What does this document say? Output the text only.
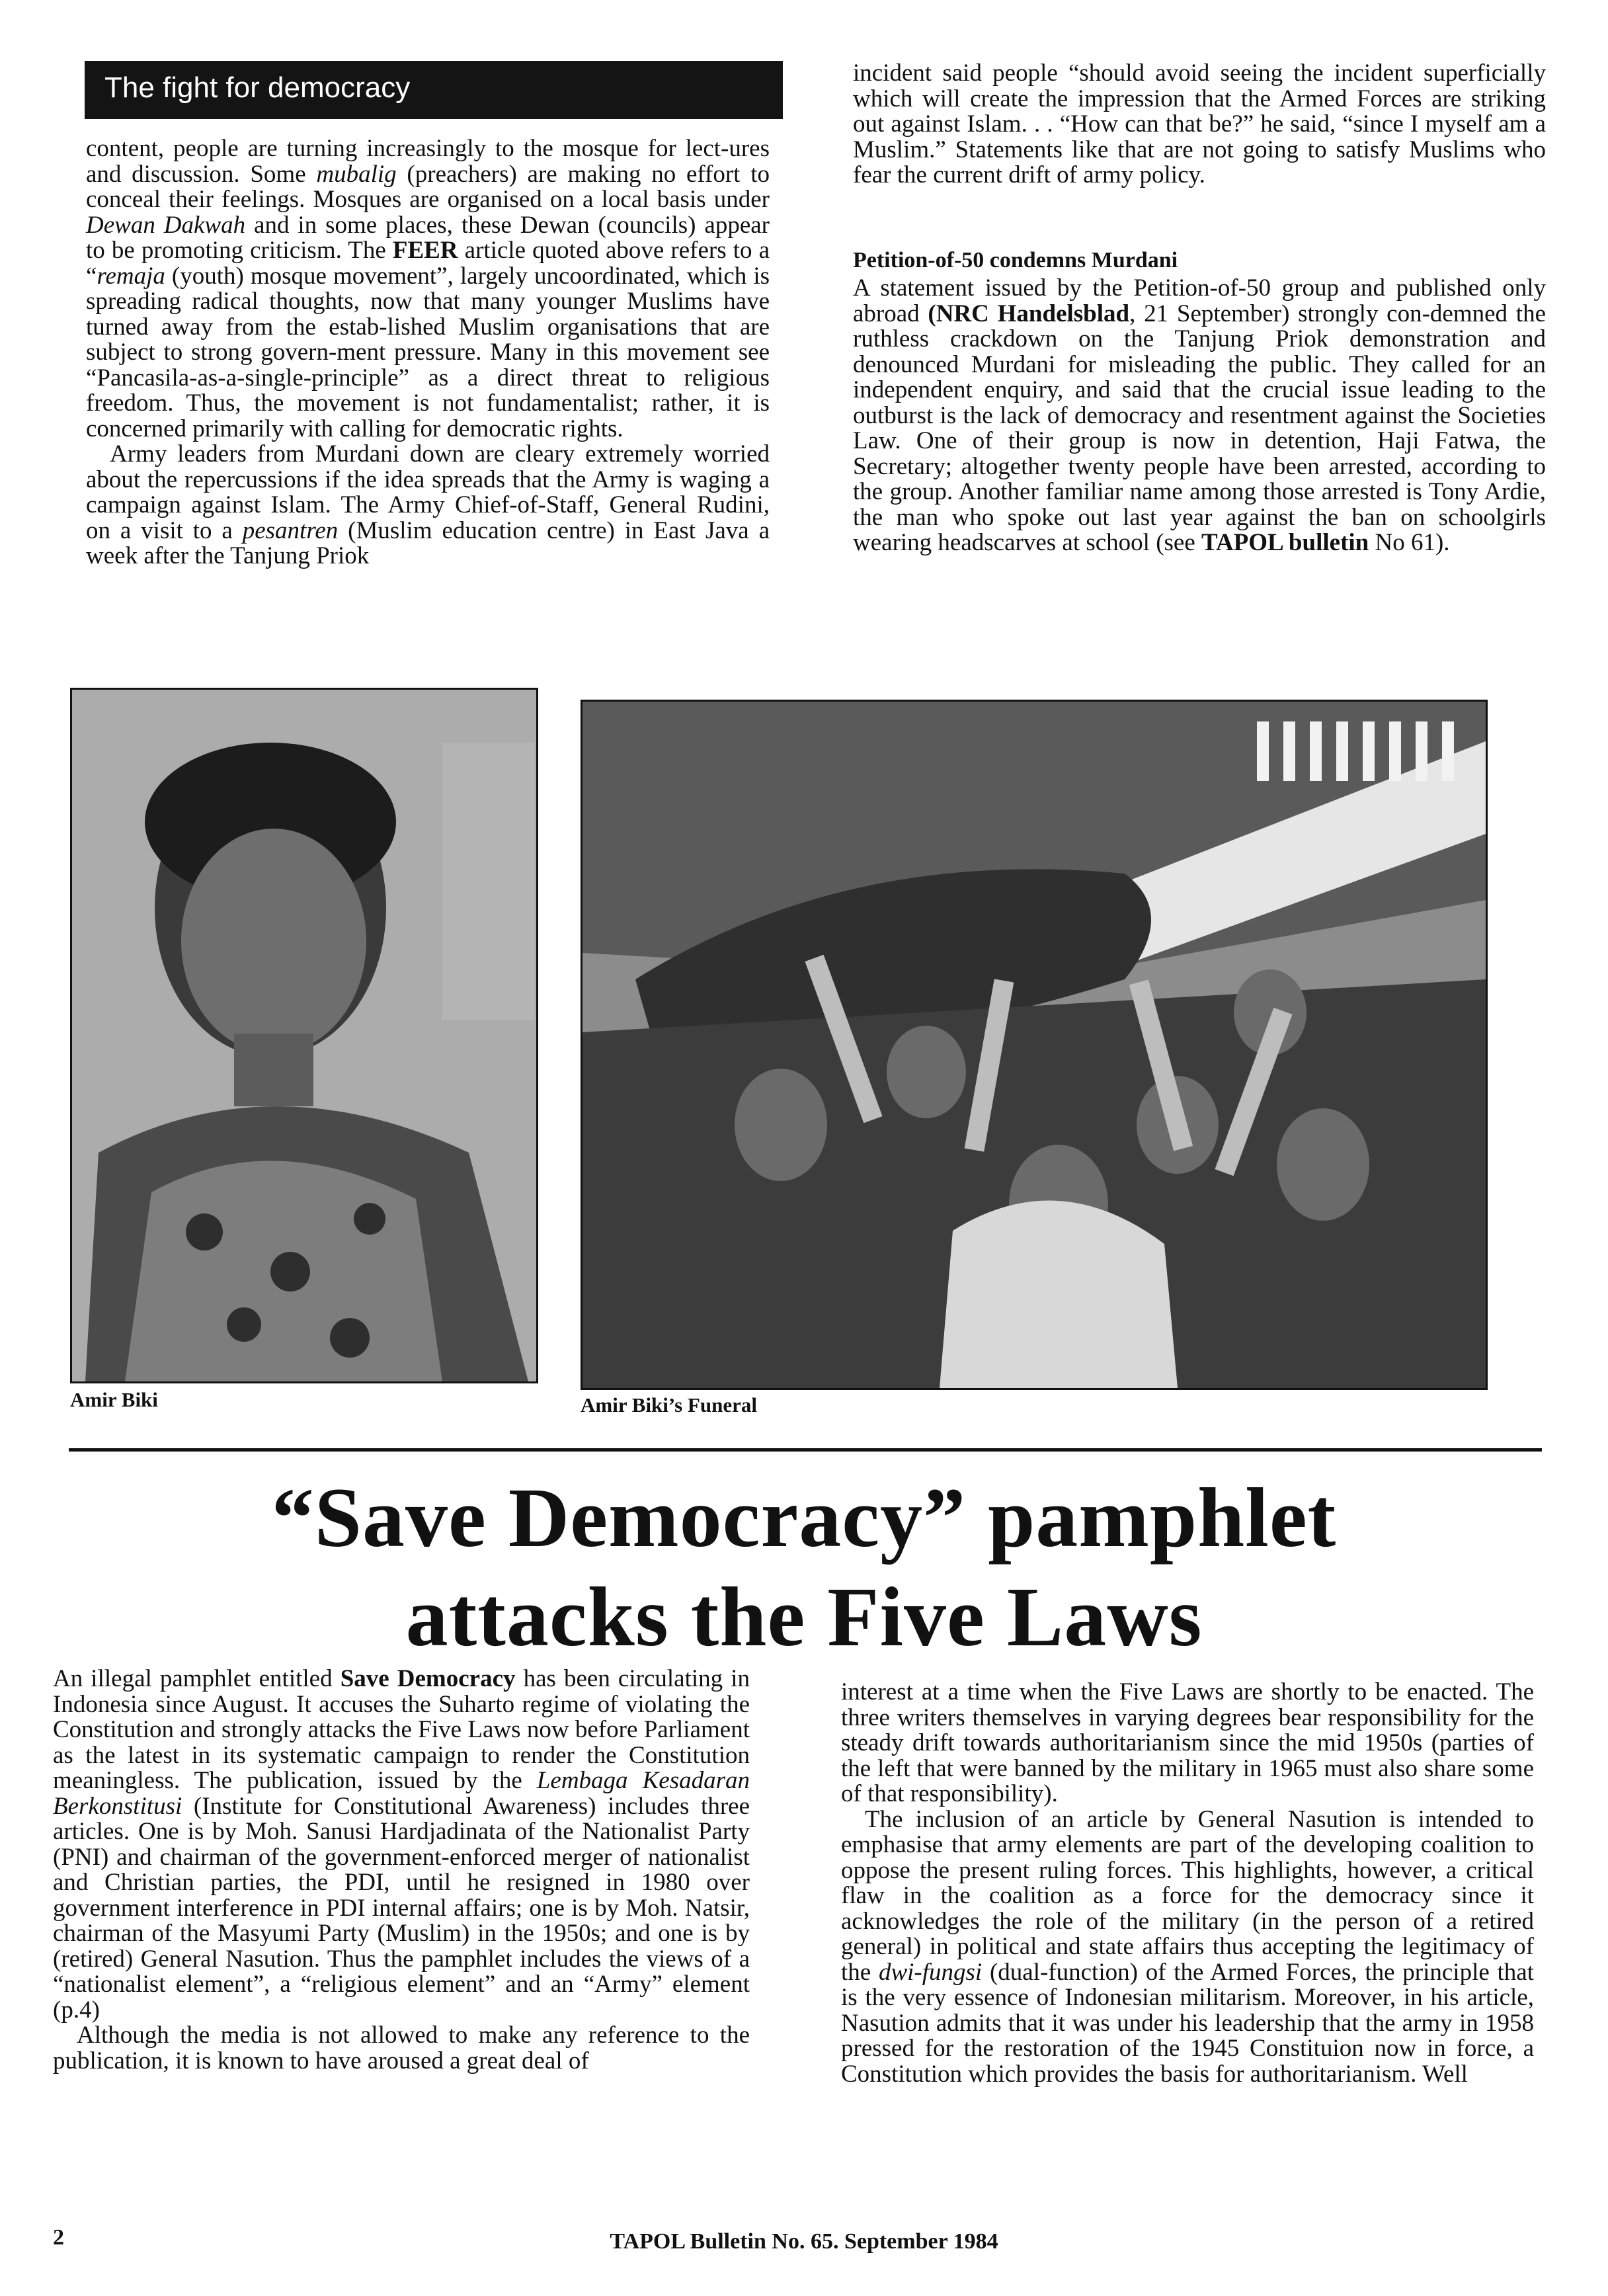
The fight for democracy

content, people are turning increasingly to the mosque for lect-ures and discussion. Some mubalig (preachers) are making no effort to conceal their feelings. Mosques are organised on a local basis under Dewan Dakwah and in some places, these Dewan (councils) appear to be promoting criticism. The FEER article quoted above refers to a “remaja (youth) mosque movement”, largely uncoordinated, which is spreading radical thoughts, now that many younger Muslims have turned away from the estab-lished Muslim organisations that are subject to strong govern-ment pressure. Many in this movement see “Pancasila-as-a-single-principle” as a direct threat to religious freedom. Thus, the movement is not fundamentalist; rather, it is concerned primarily with calling for democratic rights.

Army leaders from Murdani down are cleary extremely worried about the repercussions if the idea spreads that the Army is waging a campaign against Islam. The Army Chief-of-Staff, General Rudini, on a visit to a pesantren (Muslim education centre) in East Java a week after the Tanjung Priok

incident said people “should avoid seeing the incident superficially which will create the impression that the Armed Forces are striking out against Islam. . . “How can that be?” he said, “since I myself am a Muslim.” Statements like that are not going to satisfy Muslims who fear the current drift of army policy.

Petition-of-50 condemns Murdani

A statement issued by the Petition-of-50 group and published only abroad (NRC Handelsblad, 21 September) strongly con-demned the ruthless crackdown on the Tanjung Priok demonstration and denounced Murdani for misleading the public. They called for an independent enquiry, and said that the crucial issue leading to the outburst is the lack of democracy and resentment against the Societies Law. One of their group is now in detention, Haji Fatwa, the Secretary; altogether twenty people have been arrested, according to the group. Another familiar name among those arrested is Tony Ardie, the man who spoke out last year against the ban on schoolgirls wearing headscarves at school (see TAPOL bulletin No 61).

Amir Biki	Amir Biki’s Funeral
“Save Democracy” pamphlet
attacks the Five Laws

An illegal pamphlet entitled Save Democracy has been circulating in Indonesia since August. It accuses the Suharto regime of violating the Constitution and strongly attacks the Five Laws now before Parliament as the latest in its systematic campaign to render the Constitution meaningless. The publication, issued by the Lembaga Kesadaran Berkonstitusi (Institute for Constitutional Awareness) includes three articles. One is by Moh. Sanusi Hardjadinata of the Nationalist Party (PNI) and chairman of the government-enforced merger of nationalist and Christian parties, the PDI, until he resigned in 1980 over government interference in PDI internal affairs; one is by Moh. Natsir, chairman of the Masyumi Party (Muslim) in the 1950s; and one is by (retired) General Nasution. Thus the pamphlet includes the views of a “nationalist element”, a “religious element” and an “Army” element (p.4)

Although the media is not allowed to make any reference to the publication, it is known to have aroused a great deal of

interest at a time when the Five Laws are shortly to be enacted. The three writers themselves in varying degrees bear responsibility for the steady drift towards authoritarianism since the mid 1950s (parties of the left that were banned by the military in 1965 must also share some of that responsibility).

The inclusion of an article by General Nasution is intended to emphasise that army elements are part of the developing coalition to oppose the present ruling forces. This highlights, however, a critical flaw in the coalition as a force for the democracy since it acknowledges the role of the military (in the person of a retired general) in political and state affairs thus accepting the legitimacy of the dwi-fungsi (dual-function) of the Armed Forces, the principle that is the very essence of Indonesian militarism. Moreover, in his article, Nasution admits that it was under his leadership that the army in 1958 pressed for the restoration of the 1945 Constituion now in force, a Constitution which provides the basis for authoritarianism. Well

2	TAPOL Bulletin No. 65. September 1984
